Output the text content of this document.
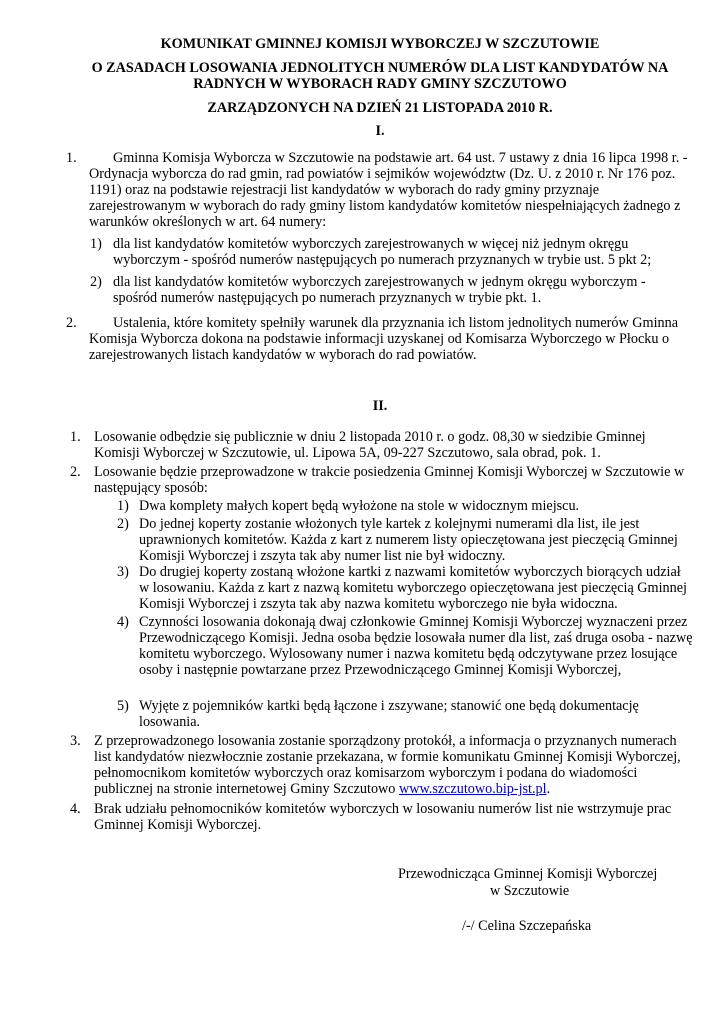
KOMUNIKAT GMINNEJ KOMISJI WYBORCZEJ W SZCZUTOWIE
O ZASADACH LOSOWANIA JEDNOLITYCH NUMERÓW DLA LIST KANDYDATÓW NA RADNYCH W WYBORACH RADY GMINY SZCZUTOWO
ZARZĄDZONYCH NA DZIEŃ 21 LISTOPADA 2010 R.
I.
1.	Gminna Komisja Wyborcza w Szczutowie na podstawie art. 64 ust. 7 ustawy z dnia 16 lipca 1998 r. - Ordynacja wyborcza do rad gmin, rad powiatów i sejmików województw (Dz. U. z 2010 r. Nr 176 poz. 1191) oraz na podstawie rejestracji list kandydatów w wyborach do rady gminy przyznaje zarejestrowanym w wyborach do rady gminy listom kandydatów komitetów niespełniających żadnego z warunków określonych w art. 64 numery:
1) dla list kandydatów komitetów wyborczych zarejestrowanych w więcej niż jednym okręgu wyborczym - spośród numerów następujących po numerach przyznanych w trybie ust. 5 pkt 2;
2) dla list kandydatów komitetów wyborczych zarejestrowanych w jednym okręgu wyborczym - spośród numerów następujących po numerach przyznanych w trybie pkt. 1.
2.	Ustalenia, które komitety spełniły warunek dla przyznania ich listom jednolitych numerów Gminna Komisja Wyborcza dokona na podstawie informacji uzyskanej od Komisarza Wyborczego w Płocku o zarejestrowanych listach kandydatów w wyborach do rad powiatów.
II.
1. Losowanie odbędzie się publicznie w dniu 2 listopada 2010 r. o godz. 08,30 w siedzibie Gminnej Komisji Wyborczej w Szczutowie, ul. Lipowa 5A, 09-227 Szczutowo, sala obrad, pok. 1.
2. Losowanie będzie przeprowadzone w trakcie posiedzenia Gminnej Komisji Wyborczej w Szczutowie w następujący sposób:
1) Dwa komplety małych kopert będą wyłożone na stole w widocznym miejscu.
2) Do jednej koperty zostanie włożonych tyle kartek z kolejnymi numerami dla list, ile jest uprawnionych komitetów. Każda z kart z numerem listy opieczętowana jest pieczęcią Gminnej Komisji Wyborczej i zszyta tak aby numer list nie był widoczny.
3) Do drugiej koperty zostaną włożone kartki z nazwami komitetów wyborczych biorących udział w losowaniu. Każda z kart z nazwą komitetu wyborczego opieczętowana jest pieczęcią Gminnej Komisji Wyborczej i zszyta tak aby nazwa komitetu wyborczego nie była widoczna.
4) Czynności losowania dokonają dwaj członkowie Gminnej Komisji Wyborczej wyznaczeni przez Przewodniczącego Komisji. Jedna osoba będzie losowała numer dla list, zaś druga osoba - nazwę komitetu wyborczego. Wylosowany numer i nazwa komitetu będą odczytywane przez losujące osoby i następnie powtarzane przez Przewodniczącego Gminnej Komisji Wyborczej,
5) Wyjęte z pojemników kartki będą łączone i zszywane; stanowić one będą dokumentację losowania.
3. Z przeprowadzonego losowania zostanie sporządzony protokół, a informacja o przyznanych numerach list kandydatów niezwłocznie zostanie przekazana, w formie komunikatu Gminnej Komisji Wyborczej, pełnomocnikom komitetów wyborczych oraz komisarzom wyborczym i podana do wiadomości publicznej na stronie internetowej Gminy Szczutowo www.szczutowo.bip-jst.pl.
4. Brak udziału pełnomocników komitetów wyborczych w losowaniu numerów list nie wstrzymuje prac Gminnej Komisji Wyborczej.
Przewodnicząca Gminnej Komisji Wyborczej
w Szczutowie
/-/ Celina Szczepańska
